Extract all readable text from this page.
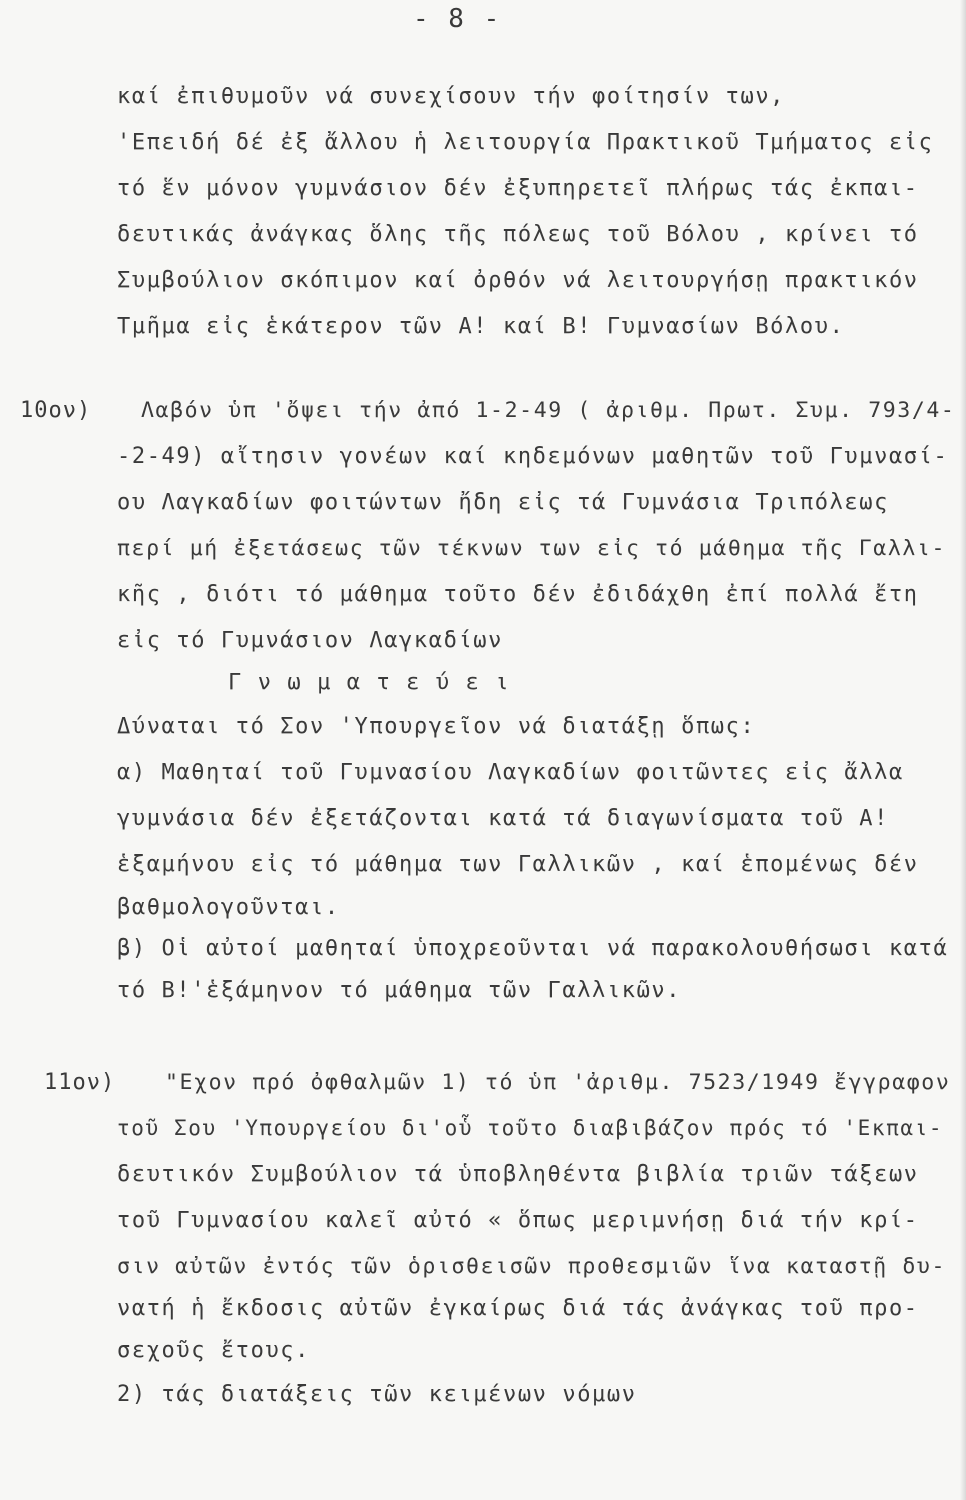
- 8 -
καί ἐπιθυμοῦν νά συνεχίσουν τήν φοίτησίν των,
'Επειδή δέ ἐξ ἄλλου ἡ λειτουργία Πρακτικοῦ Τμήματος εἰς
τό ἕν μόνον γυμνάσιον δέν ἐξυπηρετεῖ πλήρως τάς ἐκπαι-
δευτικάς ἀνάγκας ὅλης τῆς πόλεως τοῦ Βόλου , κρίνει τό
Συμβούλιον σκόπιμον καί ὀρθόν νά λειτουργήσῃ πρακτικόν
Τμῆμα εἰς ἑκάτερον τῶν Α! καί Β! Γυμνασίων Βόλου.
10ον) Λαβόν ὑπ 'ὄψει τήν ἀπό 1-2-49 ( ἀριθμ. Πρωτ. Συμ. 793/4-
-2-49) αἴτησιν γονέων καί κηδεμόνων μαθητῶν τοῦ Γυμνασί-
ου Λαγκαδίων φοιτώντων ἤδη εἰς τά Γυμνάσια Τριπόλεως
περί μή ἐξετάσεως τῶν τέκνων των εἰς τό μάθημα τῆς Γαλλι-
κῆς , διότι τό μάθημα τοῦτο δέν ἐδιδάχθη ἐπί πολλά ἔτη
εἰς τό Γυμνάσιον Λαγκαδίων
Γ ν ω μ α τ ε ύ ε ι
Δύναται τό Σον 'Υπουργεῖον νά διατάξῃ ὅπως:
α) Μαθηταί τοῦ Γυμνασίου Λαγκαδίων φοιτῶντες εἰς ἄλλα
γυμνάσια δέν ἐξετάζονται κατά τά διαγωνίσματα τοῦ Α!
ἑξαμήνου εἰς τό μάθημα των Γαλλικῶν , καί ἑπομένως δέν
βαθμολογοῦνται.
β) Οἱ αὐτοί μαθηταί ὑποχρεοῦνται νά παρακολουθήσωσι κατά
τό Β!'ἑξάμηνον τό μάθημα τῶν Γαλλικῶν.
11ον) "Εχον πρό ὀφθαλμῶν 1) τό ὑπ 'ἀριθμ. 7523/1949 ἔγγραφον
τοῦ Σου 'Υπουργείου δι'οὗ τοῦτο διαβιβάζον πρός τό 'Εκπαι-
δευτικόν Συμβούλιον τά ὑποβληθέντα βιβλία τριῶν τάξεων
τοῦ Γυμνασίου καλεῖ αὐτό « ὅπως μεριμνήσῃ διά τήν κρί-
σιν αὐτῶν ἐντός τῶν ὁρισθεισῶν προθεσμιῶν ἵνα καταστῇ δυ-
νατή ἡ ἔκδοσις αὐτῶν ἐγκαίρως διά τάς ἀνάγκας τοῦ προ-
σεχοῦς ἔτους.
2) τάς διατάξεις τῶν κειμένων νόμων
